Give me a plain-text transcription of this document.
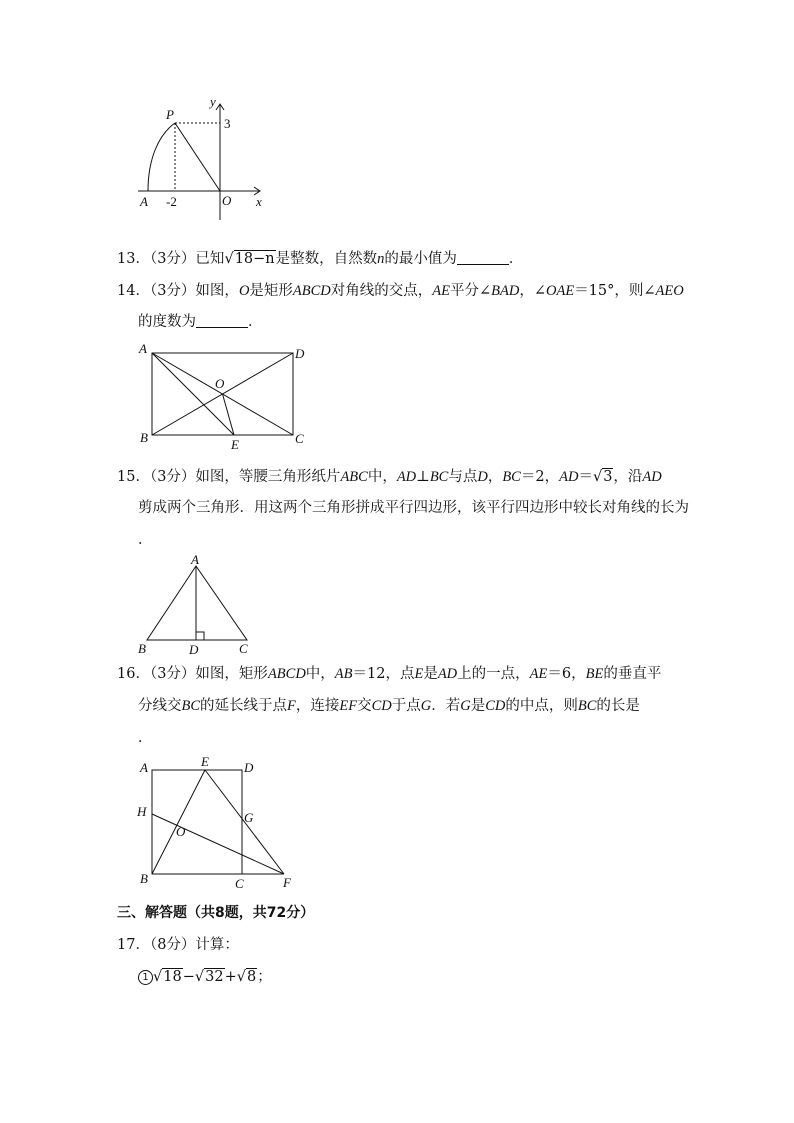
P
y
3
A -2	O x
13．（3分）已知√18−n是整数，自然数n的最小值为	．
14．（3分）如图，O是矩形ABCD对角线的交点，AE平分∠BAD，∠OAE＝15°，则∠AEO
的度数为	．
A	D
O
B	E	C
15．（3分）如图，等腰三角形纸片ABC中，AD⊥BC与点D，BC＝2，AD＝√3，沿AD
剪成两个三角形．用这两个三角形拼成平行四边形，该平行四边形中较长对角线的长为
．
A
B	D	C
16．（3分）如图，矩形ABCD中，AB＝12，点E是AD上的一点，AE＝6，BE的垂直平
分线交BC的延长线于点F，连接EF交CD于点G．若G是CD的中点，则BC的长是
．
A	E	D
H	G
O
B	C	F
三、解答题（共8题，共72分）
17．（8分）计算：
1 √18−√32+√8；
